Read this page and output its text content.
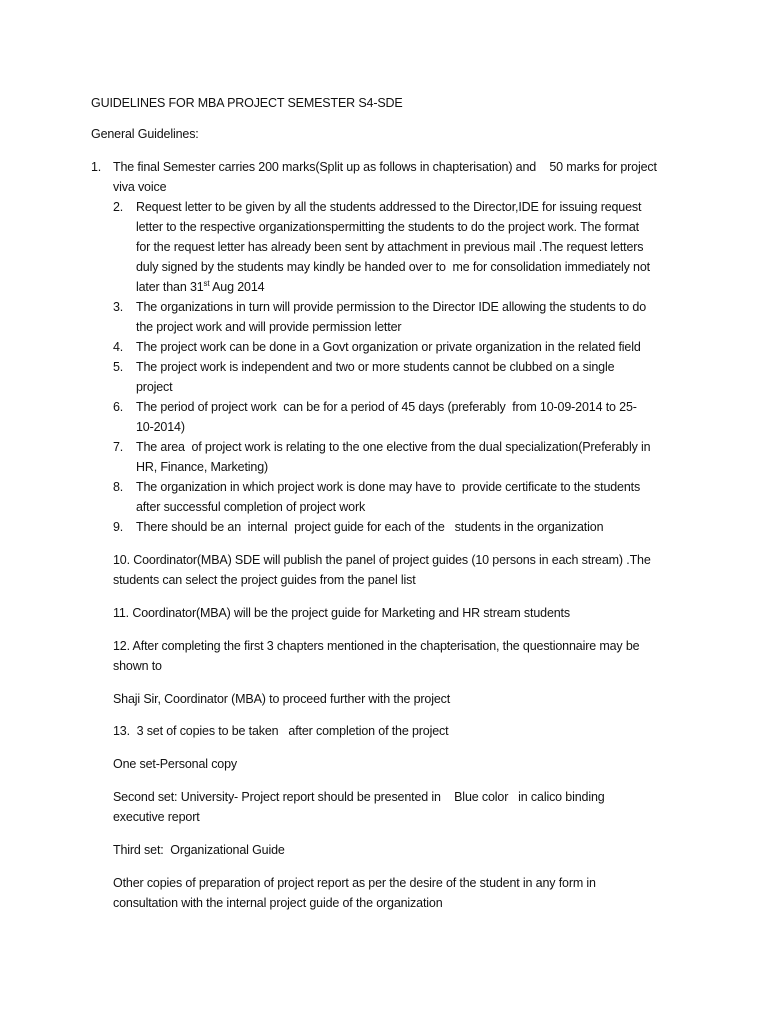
GUIDELINES FOR MBA PROJECT SEMESTER S4-SDE
General Guidelines:
1. The final Semester carries 200 marks(Split up as follows in chapterisation) and    50 marks for project
viva voice
2. Request letter to be given by all the students addressed to the Director,IDE for issuing request
letter to the respective organizationspermitting the students to do the project work. The format
for the request letter has already been sent by attachment in previous mail .The request letters
duly signed by the students may kindly be handed over to  me for consolidation immediately not
later than 31st Aug 2014
3. The organizations in turn will provide permission to the Director IDE allowing the students to do
the project work and will provide permission letter
4. The project work can be done in a Govt organization or private organization in the related field
5. The project work is independent and two or more students cannot be clubbed on a single
project
6. The period of project work  can be for a period of 45 days (preferably  from 10-09-2014 to 25-
10-2014)
7. The area  of project work is relating to the one elective from the dual specialization(Preferably in
HR, Finance, Marketing)
8. The organization in which project work is done may have to  provide certificate to the students
after successful completion of project work
9. There should be an  internal  project guide for each of the   students in the organization
10. Coordinator(MBA) SDE will publish the panel of project guides (10 persons in each stream) .The
students can select the project guides from the panel list
11. Coordinator(MBA) will be the project guide for Marketing and HR stream students
12. After completing the first 3 chapters mentioned in the chapterisation, the questionnaire may be
shown to
Shaji Sir, Coordinator (MBA) to proceed further with the project
13.  3 set of copies to be taken   after completion of the project
One set-Personal copy
Second set: University- Project report should be presented in    Blue color   in calico binding
executive report
Third set:  Organizational Guide
Other copies of preparation of project report as per the desire of the student in any form in
consultation with the internal project guide of the organization
